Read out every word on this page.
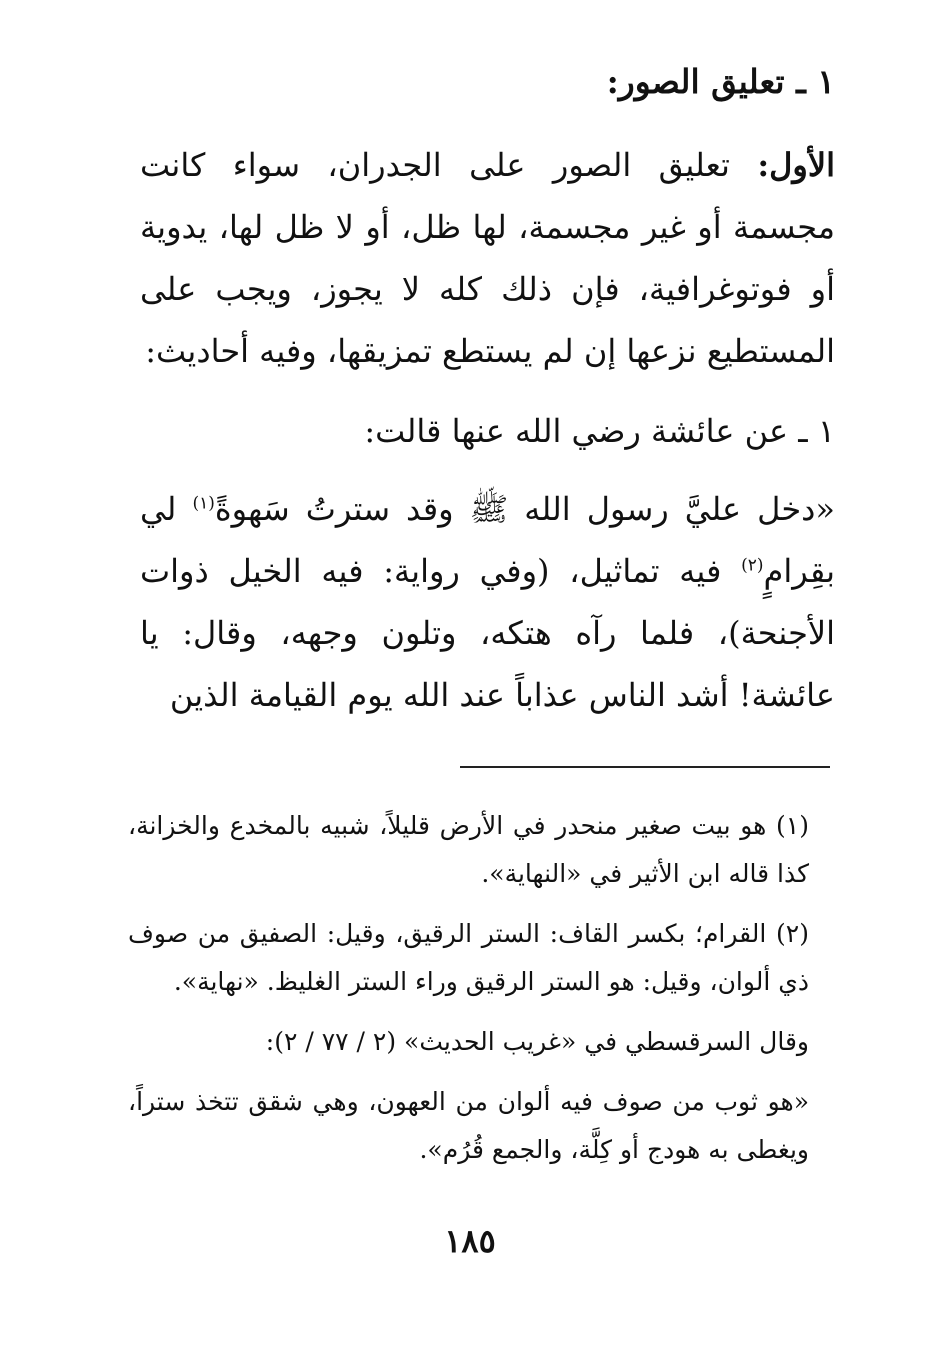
١ ـ تعليق الصور:

الأول: تعليق الصور على الجدران، سواء كانت مجسمة أو غير مجسمة، لها ظل، أو لا ظل لها، يدوية أو فوتوغرافية، فإن ذلك كله لا يجوز، ويجب على المستطيع نزعها إن لم يستطع تمزيقها، وفيه أحاديث:

١ ـ عن عائشة رضي الله عنها قالت:

«دخل عليَّ رسول الله ﷺ وقد سترتُ سَهوةً$^{(١)}$ لي بقِرامٍ$^{(٢)}$ فيه تماثيل، (وفي رواية: فيه الخيل ذوات الأجنحة)، فلما رآه هتكه، وتلون وجهه، وقال: يا عائشة! أشد الناس عذاباً عند الله يوم القيامة الذين

(١) هو بيت صغير منحدر في الأرض قليلاً، شبيه بالمخدع والخزانة، كذا قاله ابن الأثير في «النهاية».

(٢) القرام؛ بكسر القاف: الستر الرقيق، وقيل: الصفيق من صوف ذي ألوان، وقيل: هو الستر الرقيق وراء الستر الغليظ. «نهاية».

وقال السرقسطي في «غريب الحديث» (٢ / ٧٧ / ٢):

«هو ثوب من صوف فيه ألوان من العهون، وهي شقق تتخذ ستراً، ويغطى به هودج أو كِلَّة، والجمع قُرُم».

١٨٥
